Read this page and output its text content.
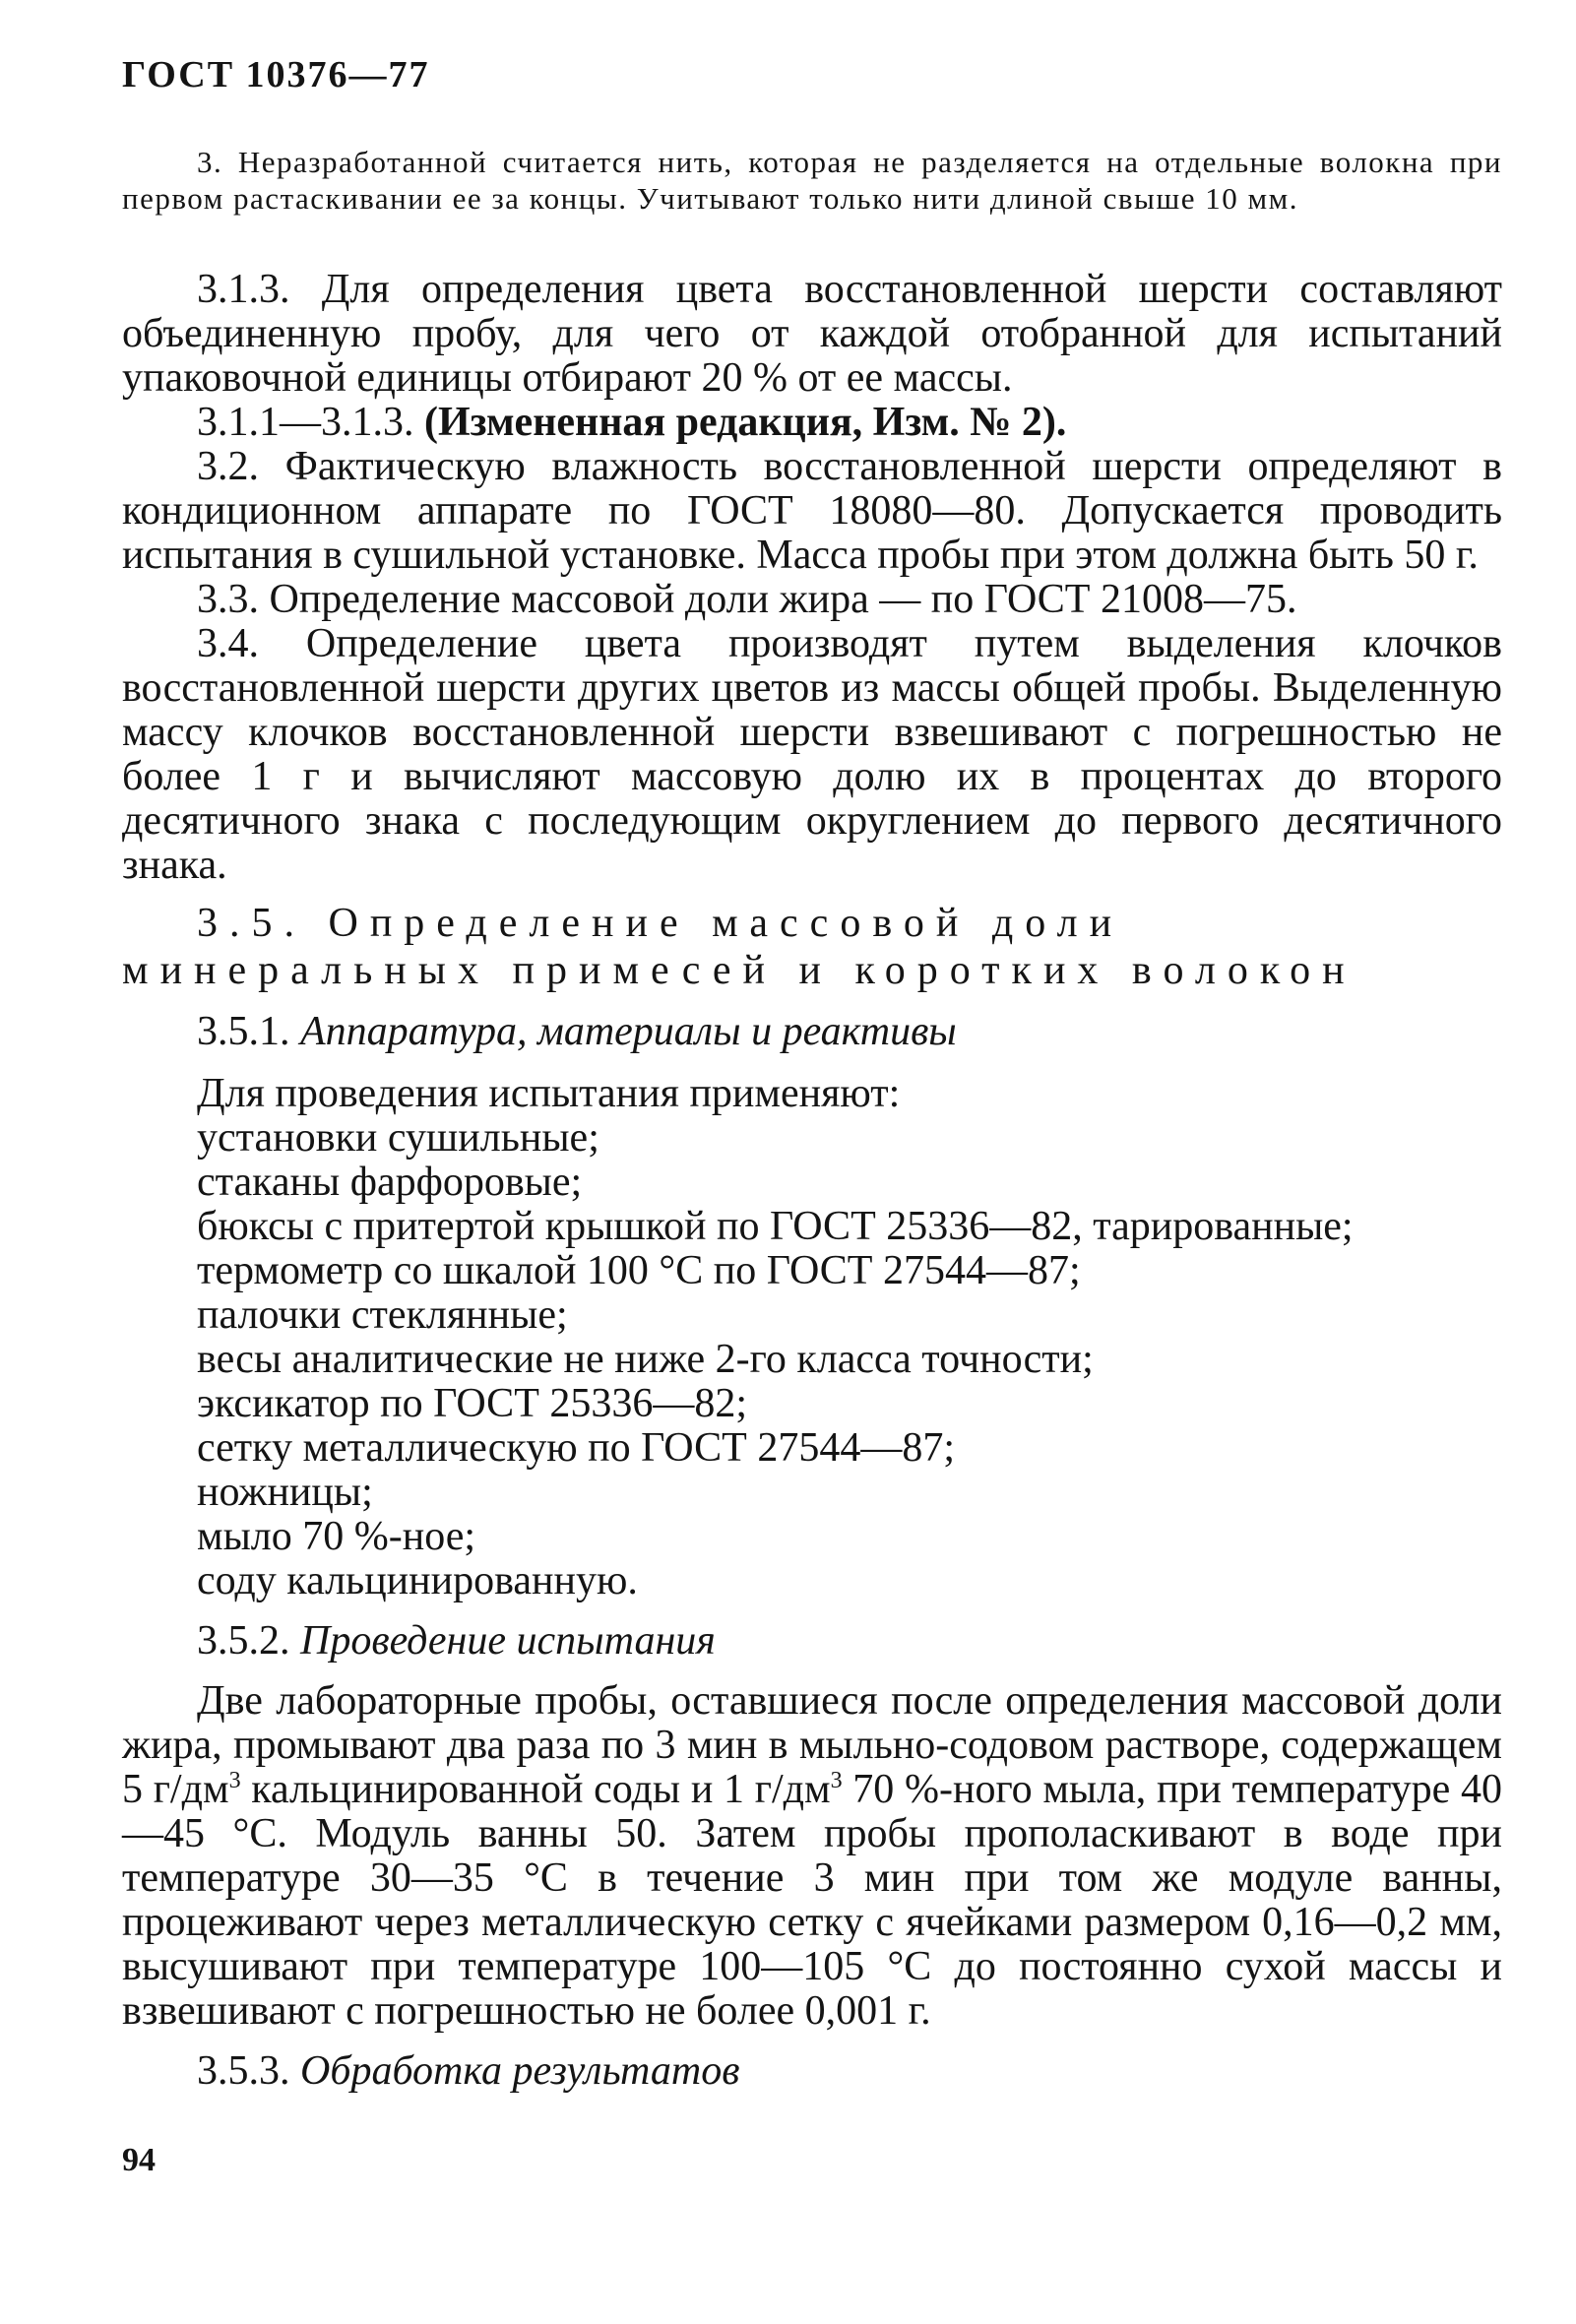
ГОСТ 10376—77

3. Неразработанной считается нить, которая не разделяется на отдельные волокна при первом растаскивании ее за концы. Учитывают только нити длиной свыше 10 мм.

3.1.3. Для определения цвета восстановленной шерсти составляют объединенную пробу, для чего от каждой отобранной для испытаний упаковочной единицы отбирают 20 % от ее массы.

3.1.1—3.1.3. (Измененная редакция, Изм. № 2).

3.2. Фактическую влажность восстановленной шерсти определяют в кондиционном аппарате по ГОСТ 18080—80. Допускается проводить испытания в сушильной установке. Масса пробы при этом должна быть 50 г.

3.3. Определение массовой доли жира — по ГОСТ 21008—75.

3.4. Определение цвета производят путем выделения клочков восстановленной шерсти других цветов из массы общей пробы. Выделенную массу клочков восстановленной шерсти взвешивают с погрешностью не более 1 г и вычисляют массовую долю их в процентах до второго десятичного знака с последующим округлением до первого десятичного знака.

3.5. Определение массовой доли минеральных примесей и коротких волокон

3.5.1. Аппаратура, материалы и реактивы

Для проведения испытания применяют:
установки сушильные;
стаканы фарфоровые;
бюксы с притертой крышкой по ГОСТ 25336—82, тарированные;
термометр со шкалой 100 °С по ГОСТ 27544—87;
палочки стеклянные;
весы аналитические не ниже 2-го класса точности;
эксикатор по ГОСТ 25336—82;
сетку металлическую по ГОСТ 27544—87;
ножницы;
мыло 70 %-ное;
соду кальцинированную.

3.5.2. Проведение испытания

Две лабораторные пробы, оставшиеся после определения массовой доли жира, промывают два раза по 3 мин в мыльно-содовом растворе, содержащем 5 $г/дм^3$ кальцинированной соды и 1 $г/дм^3$ 70 %-ного мыла, при температуре 40—45 °С. Модуль ванны 50. Затем пробы прополаскивают в воде при температуре 30—35 °С в течение 3 мин при том же модуле ванны, процеживают через металлическую сетку с ячейками размером 0,16—0,2 мм, высушивают при температуре 100—105 °С до постоянно сухой массы и взвешивают с погрешностью не более 0,001 г.

3.5.3. Обработка результатов

94
